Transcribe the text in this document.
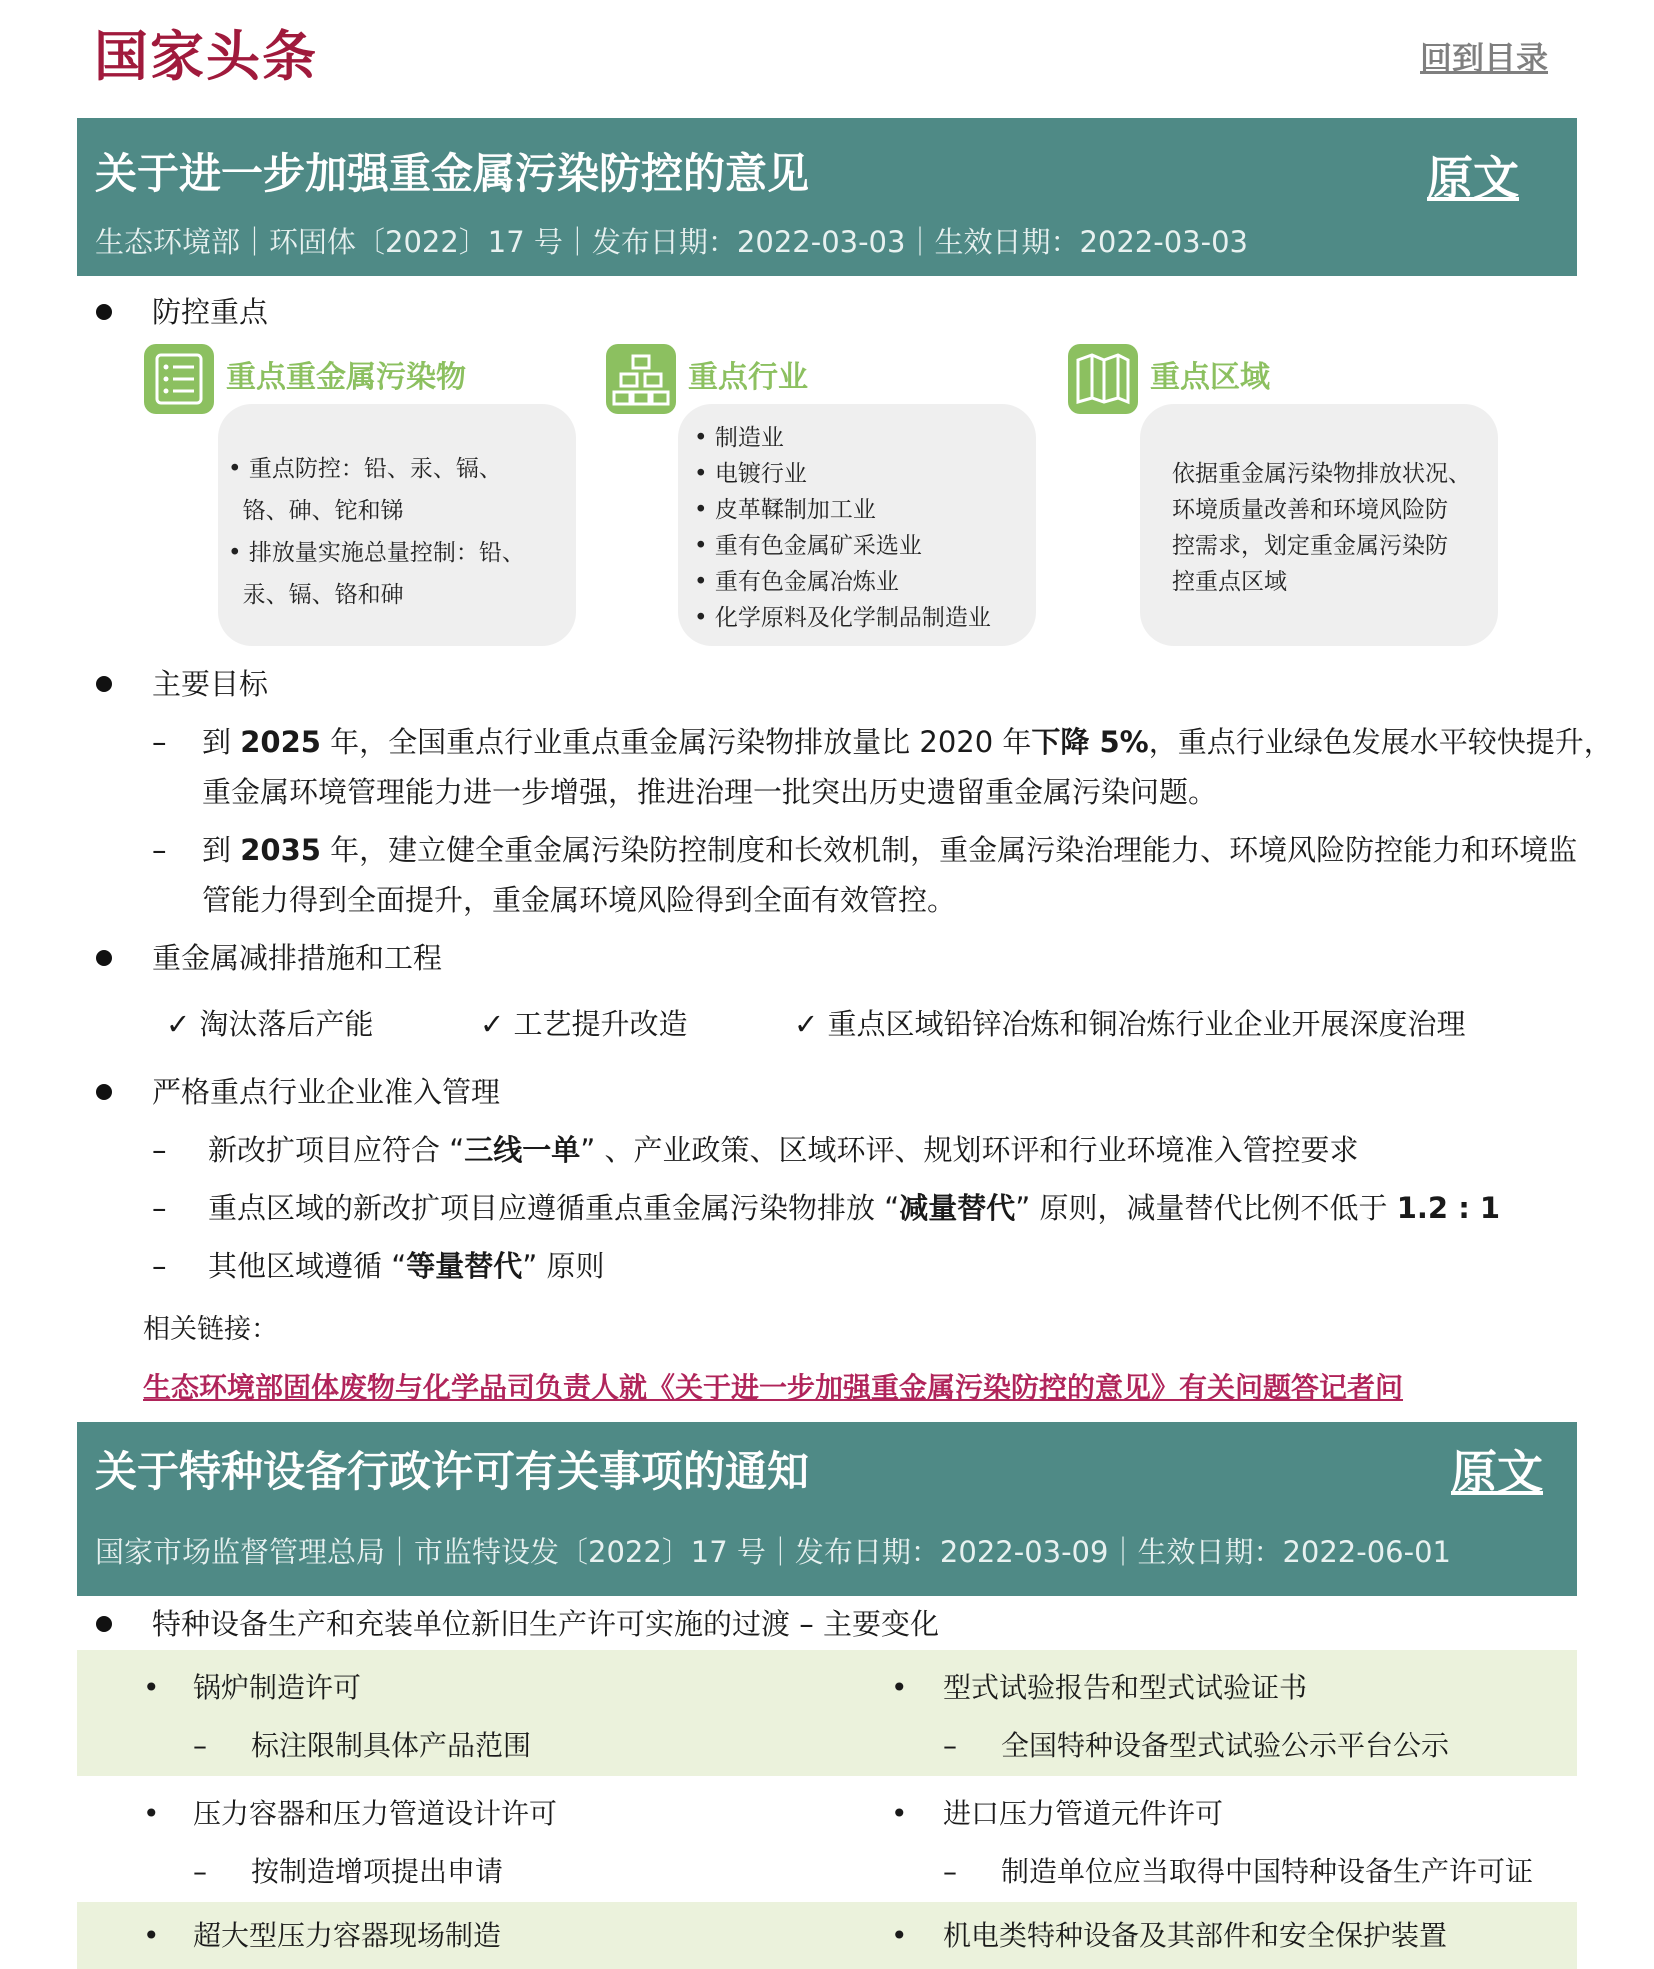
国家头条	回到目录
关于进一步加强重金属污染防控的意见	原文
生态环境部｜环固体〔2022〕17 号｜发布日期：2022-03-03｜生效日期：2022-03-03
防控重点
重点重金属污染物
• 重点防控：铅、汞、镉、
铬、砷、铊和锑
• 排放量实施总量控制：铅、
汞、镉、铬和砷
重点行业
• 制造业
• 电镀行业
• 皮革鞣制加工业
• 重有色金属矿采选业
• 重有色金属冶炼业
• 化学原料及化学制品制造业
重点区域
依据重金属污染物排放状况、
环境质量改善和环境风险防
控需求，划定重金属污染防
控重点区域
主要目标
– 到 2025 年，全国重点行业重点重金属污染物排放量比 2020 年下降 5%，重点行业绿色发展水平较快提升，
重金属环境管理能力进一步增强，推进治理一批突出历史遗留重金属污染问题。
– 到 2035 年，建立健全重金属污染防控制度和长效机制，重金属污染治理能力、环境风险防控能力和环境监
管能力得到全面提升，重金属环境风险得到全面有效管控。
重金属减排措施和工程
✓ 淘汰落后产能	✓ 工艺提升改造	✓ 重点区域铅锌冶炼和铜冶炼行业企业开展深度治理
严格重点行业企业准入管理
– 新改扩项目应符合 “三线一单” 、产业政策、区域环评、规划环评和行业环境准入管控要求
– 重点区域的新改扩项目应遵循重点重金属污染物排放 “减量替代” 原则，减量替代比例不低于 1.2 : 1
– 其他区域遵循 “等量替代” 原则
相关链接：
生态环境部固体废物与化学品司负责人就《关于进一步加强重金属污染防控的意见》有关问题答记者问
关于特种设备行政许可有关事项的通知	原文
国家市场监督管理总局｜市监特设发〔2022〕17 号｜发布日期：2022-03-09｜生效日期：2022-06-01
特种设备生产和充装单位新旧生产许可实施的过渡 – 主要变化
• 锅炉制造许可
– 标注限制具体产品范围
• 型式试验报告和型式试验证书
– 全国特种设备型式试验公示平台公示
• 压力容器和压力管道设计许可
– 按制造增项提出申请
• 进口压力管道元件许可
– 制造单位应当取得中国特种设备生产许可证
• 超大型压力容器现场制造	• 机电类特种设备及其部件和安全保护装置
